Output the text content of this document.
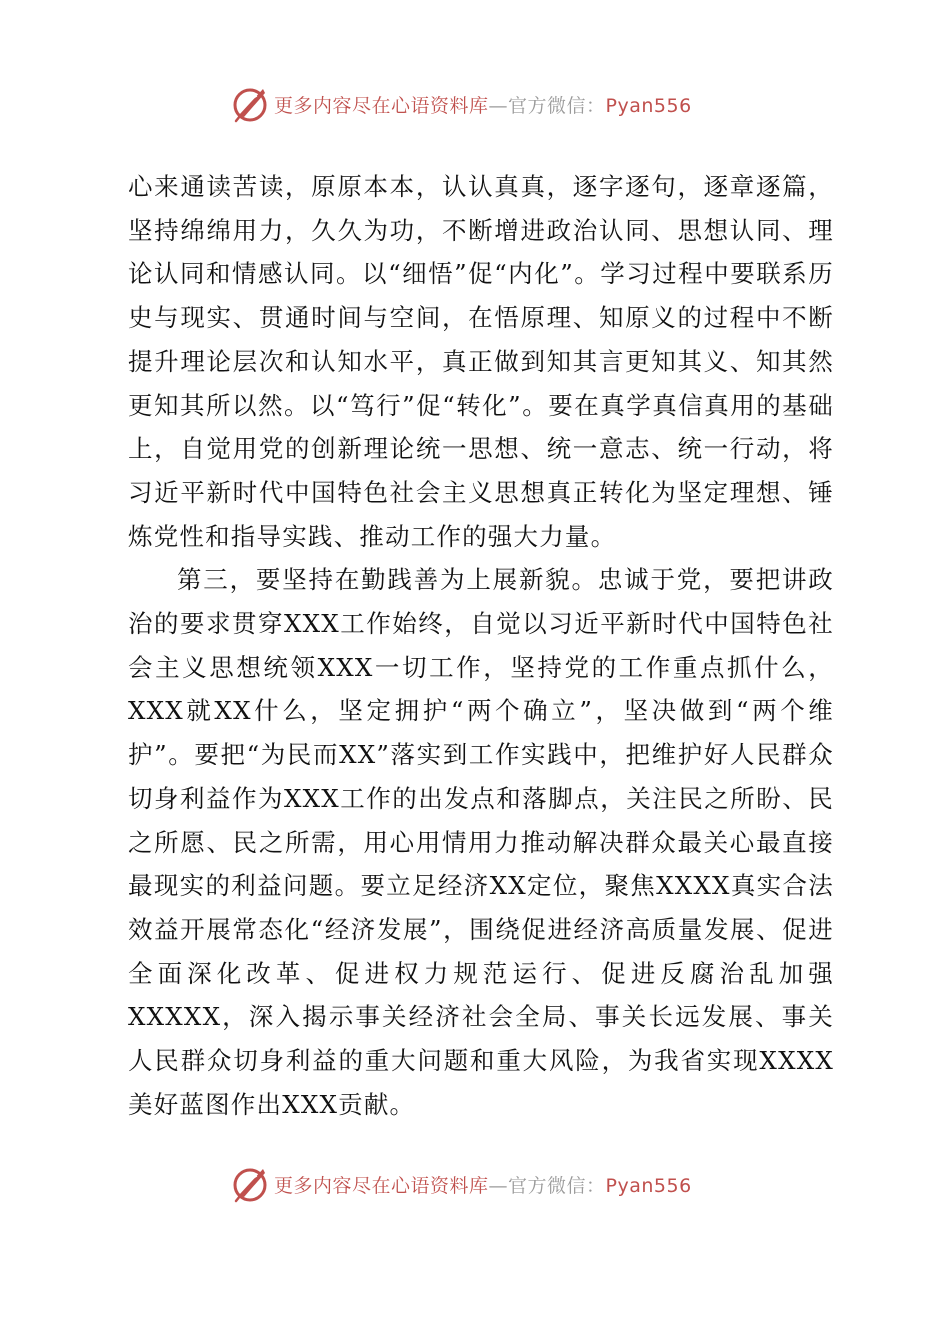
更多内容尽在心语资料库—官方微信：Pyan556

心来通读苦读，原原本本，认认真真，逐字逐句，逐章逐篇，坚持绵绵用力，久久为功，不断增进政治认同、思想认同、理论认同和情感认同。以“细悟”促“内化”。学习过程中要联系历史与现实、贯通时间与空间，在悟原理、知原义的过程中不断提升理论层次和认知水平，真正做到知其言更知其义、知其然更知其所以然。以“笃行”促“转化”。要在真学真信真用的基础上，自觉用党的创新理论统一思想、统一意志、统一行动，将习近平新时代中国特色社会主义思想真正转化为坚定理想、锤炼党性和指导实践、推动工作的强大力量。

第三，要坚持在勤践善为上展新貌。忠诚于党，要把讲政治的要求贯穿XXX工作始终，自觉以习近平新时代中国特色社会主义思想统领XXX一切工作，坚持党的工作重点抓什么，XXX就XX什么，坚定拥护“两个确立”，坚决做到“两个维护”。要把“为民而XX”落实到工作实践中，把维护好人民群众切身利益作为XXX工作的出发点和落脚点，关注民之所盼、民之所愿、民之所需，用心用情用力推动解决群众最关心最直接最现实的利益问题。要立足经济XX定位，聚焦XXXX真实合法效益开展常态化“经济发展”，围绕促进经济高质量发展、促进全面深化改革、促进权力规范运行、促进反腐治乱加强XXXXX，深入揭示事关经济社会全局、事关长远发展、事关人民群众切身利益的重大问题和重大风险，为我省实现XXXX美好蓝图作出XXX贡献。

更多内容尽在心语资料库—官方微信：Pyan556
